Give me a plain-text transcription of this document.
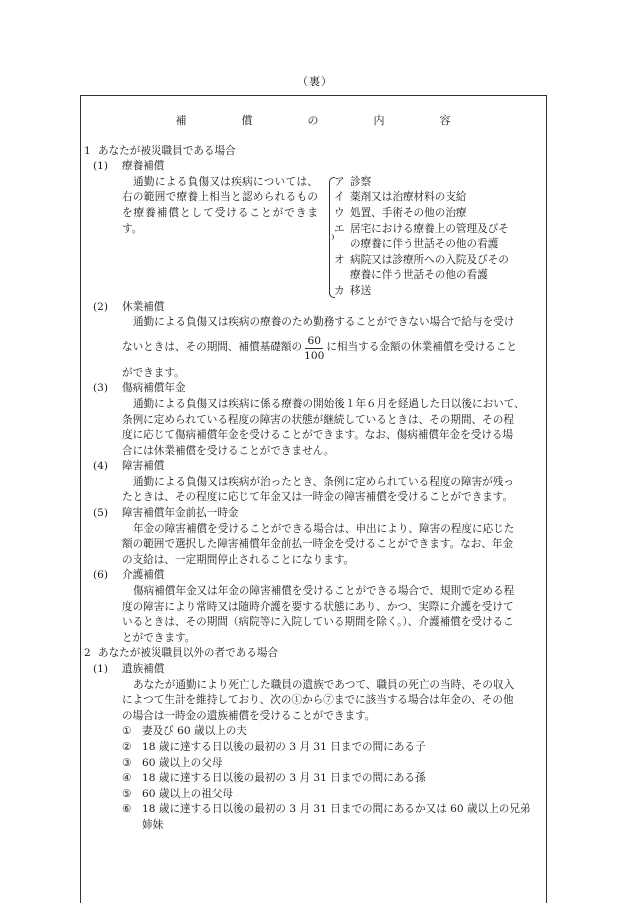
（裏）
補　償　の　内　容
1 あなたが被災職員である場合
(1)	療養補償
通勤による負傷又は疾病については、右の範囲で療養上相当と認められるものを療養補償として受けることができます。
ア 診察
イ 薬剤又は治療材料の支給
ウ 処置、手術その他の治療
エ 居宅における療養上の管理及びそ
の療養に伴う世話その他の看護
オ 病院又は診療所への入院及びその
療養に伴う世話その他の看護
カ 移送
(2)	休業補償
通勤による負傷又は疾病の療養のため勤務することができない場合で給与を受け
ないときは、その期間、補償基礎額の $\frac{60}{100}$ に相当する金額の休業補償を受けること
ができます。
(3)	傷病補償年金
通勤による負傷又は疾病に係る療養の開始後１年６月を経過した日以後において、
条例に定められている程度の障害の状態が継続しているときは、その期間、その程
度に応じて傷病補償年金を受けることができます。なお、傷病補償年金を受ける場
合には休業補償を受けることができません。
(4)	障害補償
通勤による負傷又は疾病が治ったとき、条例に定められている程度の障害が残っ
たときは、その程度に応じて年金又は一時金の障害補償を受けることができます。
(5)	障害補償年金前払一時金
年金の障害補償を受けることができる場合は、申出により、障害の程度に応じた
額の範囲で選択した障害補償年金前払一時金を受けることができます。なお、年金
の支給は、一定期間停止されることになります。
(6)	介護補償
傷病補償年金又は年金の障害補償を受けることができる場合で、規則で定める程
度の障害により常時又は随時介護を要する状態にあり、かつ、実際に介護を受けて
いるときは、その期間（病院等に入院している期間を除く。）、介護補償を受けるこ
とができます。
2 あなたが被災職員以外の者である場合
(1)	遺族補償
あなたが通勤により死亡した職員の遺族であつて、職員の死亡の当時、その収入
によつて生計を維持しており、次の①から⑦までに該当する場合は年金の、その他
の場合は一時金の遺族補償を受けることができます。
① 妻及び 60 歳以上の夫
② 18 歳に達する日以後の最初の 3 月 31 日までの間にある子
③ 60 歳以上の父母
④ 18 歳に達する日以後の最初の 3 月 31 日までの間にある孫
⑤ 60 歳以上の祖父母
⑥ 18 歳に達する日以後の最初の 3 月 31 日までの間にあるか又は 60 歳以上の兄弟
姉妹
